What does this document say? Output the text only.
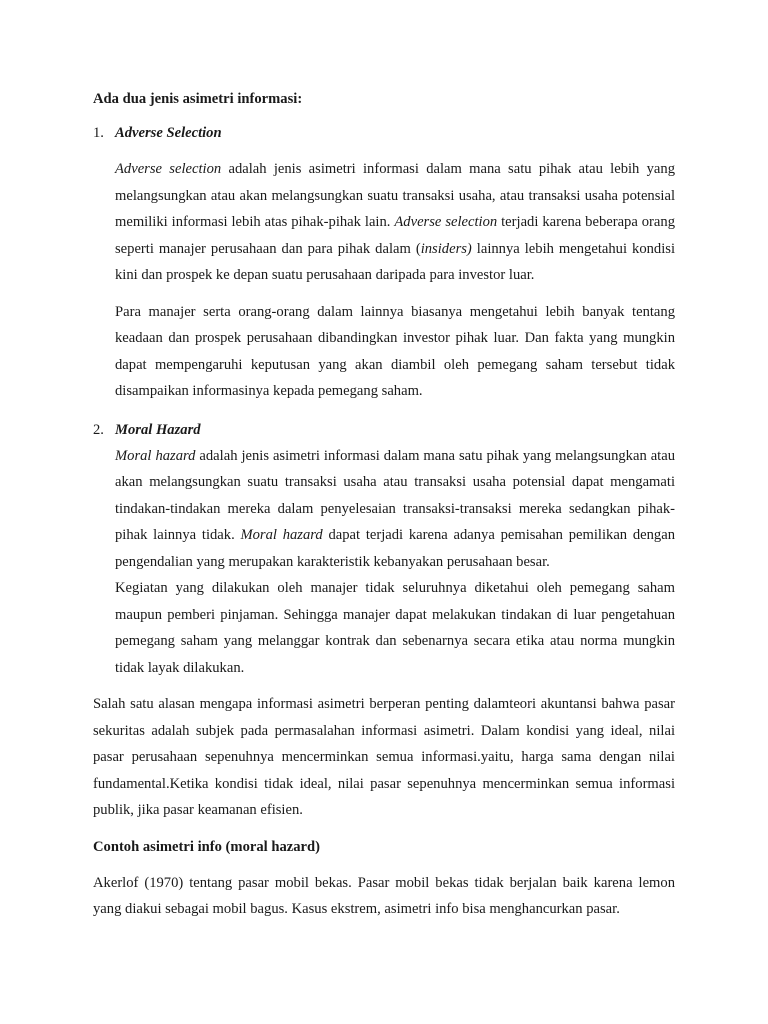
Ada dua jenis asimetri informasi:

1. Adverse Selection

Adverse selection adalah jenis asimetri informasi dalam mana satu pihak atau lebih yang melangsungkan atau akan melangsungkan suatu transaksi usaha, atau transaksi usaha potensial memiliki informasi lebih atas pihak-pihak lain. Adverse selection terjadi karena beberapa orang seperti manajer perusahaan dan para pihak dalam (insiders) lainnya lebih mengetahui kondisi kini dan prospek ke depan suatu perusahaan daripada para investor luar.

Para manajer serta orang-orang dalam lainnya biasanya mengetahui lebih banyak tentang keadaan dan prospek perusahaan dibandingkan investor pihak luar. Dan fakta yang mungkin dapat mempengaruhi keputusan yang akan diambil oleh pemegang saham tersebut tidak disampaikan informasinya kepada pemegang saham.

2. Moral Hazard

Moral hazard adalah jenis asimetri informasi dalam mana satu pihak yang melangsungkan atau akan melangsungkan suatu transaksi usaha atau transaksi usaha potensial dapat mengamati tindakan-tindakan mereka dalam penyelesaian transaksi-transaksi mereka sedangkan pihak-pihak lainnya tidak. Moral hazard dapat terjadi karena adanya pemisahan pemilikan dengan pengendalian yang merupakan karakteristik kebanyakan perusahaan besar.

Kegiatan yang dilakukan oleh manajer tidak seluruhnya diketahui oleh pemegang saham maupun pemberi pinjaman. Sehingga manajer dapat melakukan tindakan di luar pengetahuan pemegang saham yang melanggar kontrak dan sebenarnya secara etika atau norma mungkin tidak layak dilakukan.

Salah satu alasan mengapa informasi asimetri berperan penting dalamteori akuntansi bahwa pasar sekuritas adalah subjek pada permasalahan informasi asimetri. Dalam kondisi yang ideal, nilai pasar perusahaan sepenuhnya mencerminkan semua informasi.yaitu, harga sama dengan nilai fundamental.Ketika kondisi tidak ideal, nilai pasar sepenuhnya mencerminkan semua informasi publik, jika pasar keamanan efisien.

Contoh asimetri info (moral hazard)

Akerlof (1970) tentang pasar mobil bekas. Pasar mobil bekas tidak berjalan baik karena lemon yang diakui sebagai mobil bagus. Kasus ekstrem, asimetri info bisa menghancurkan pasar.
